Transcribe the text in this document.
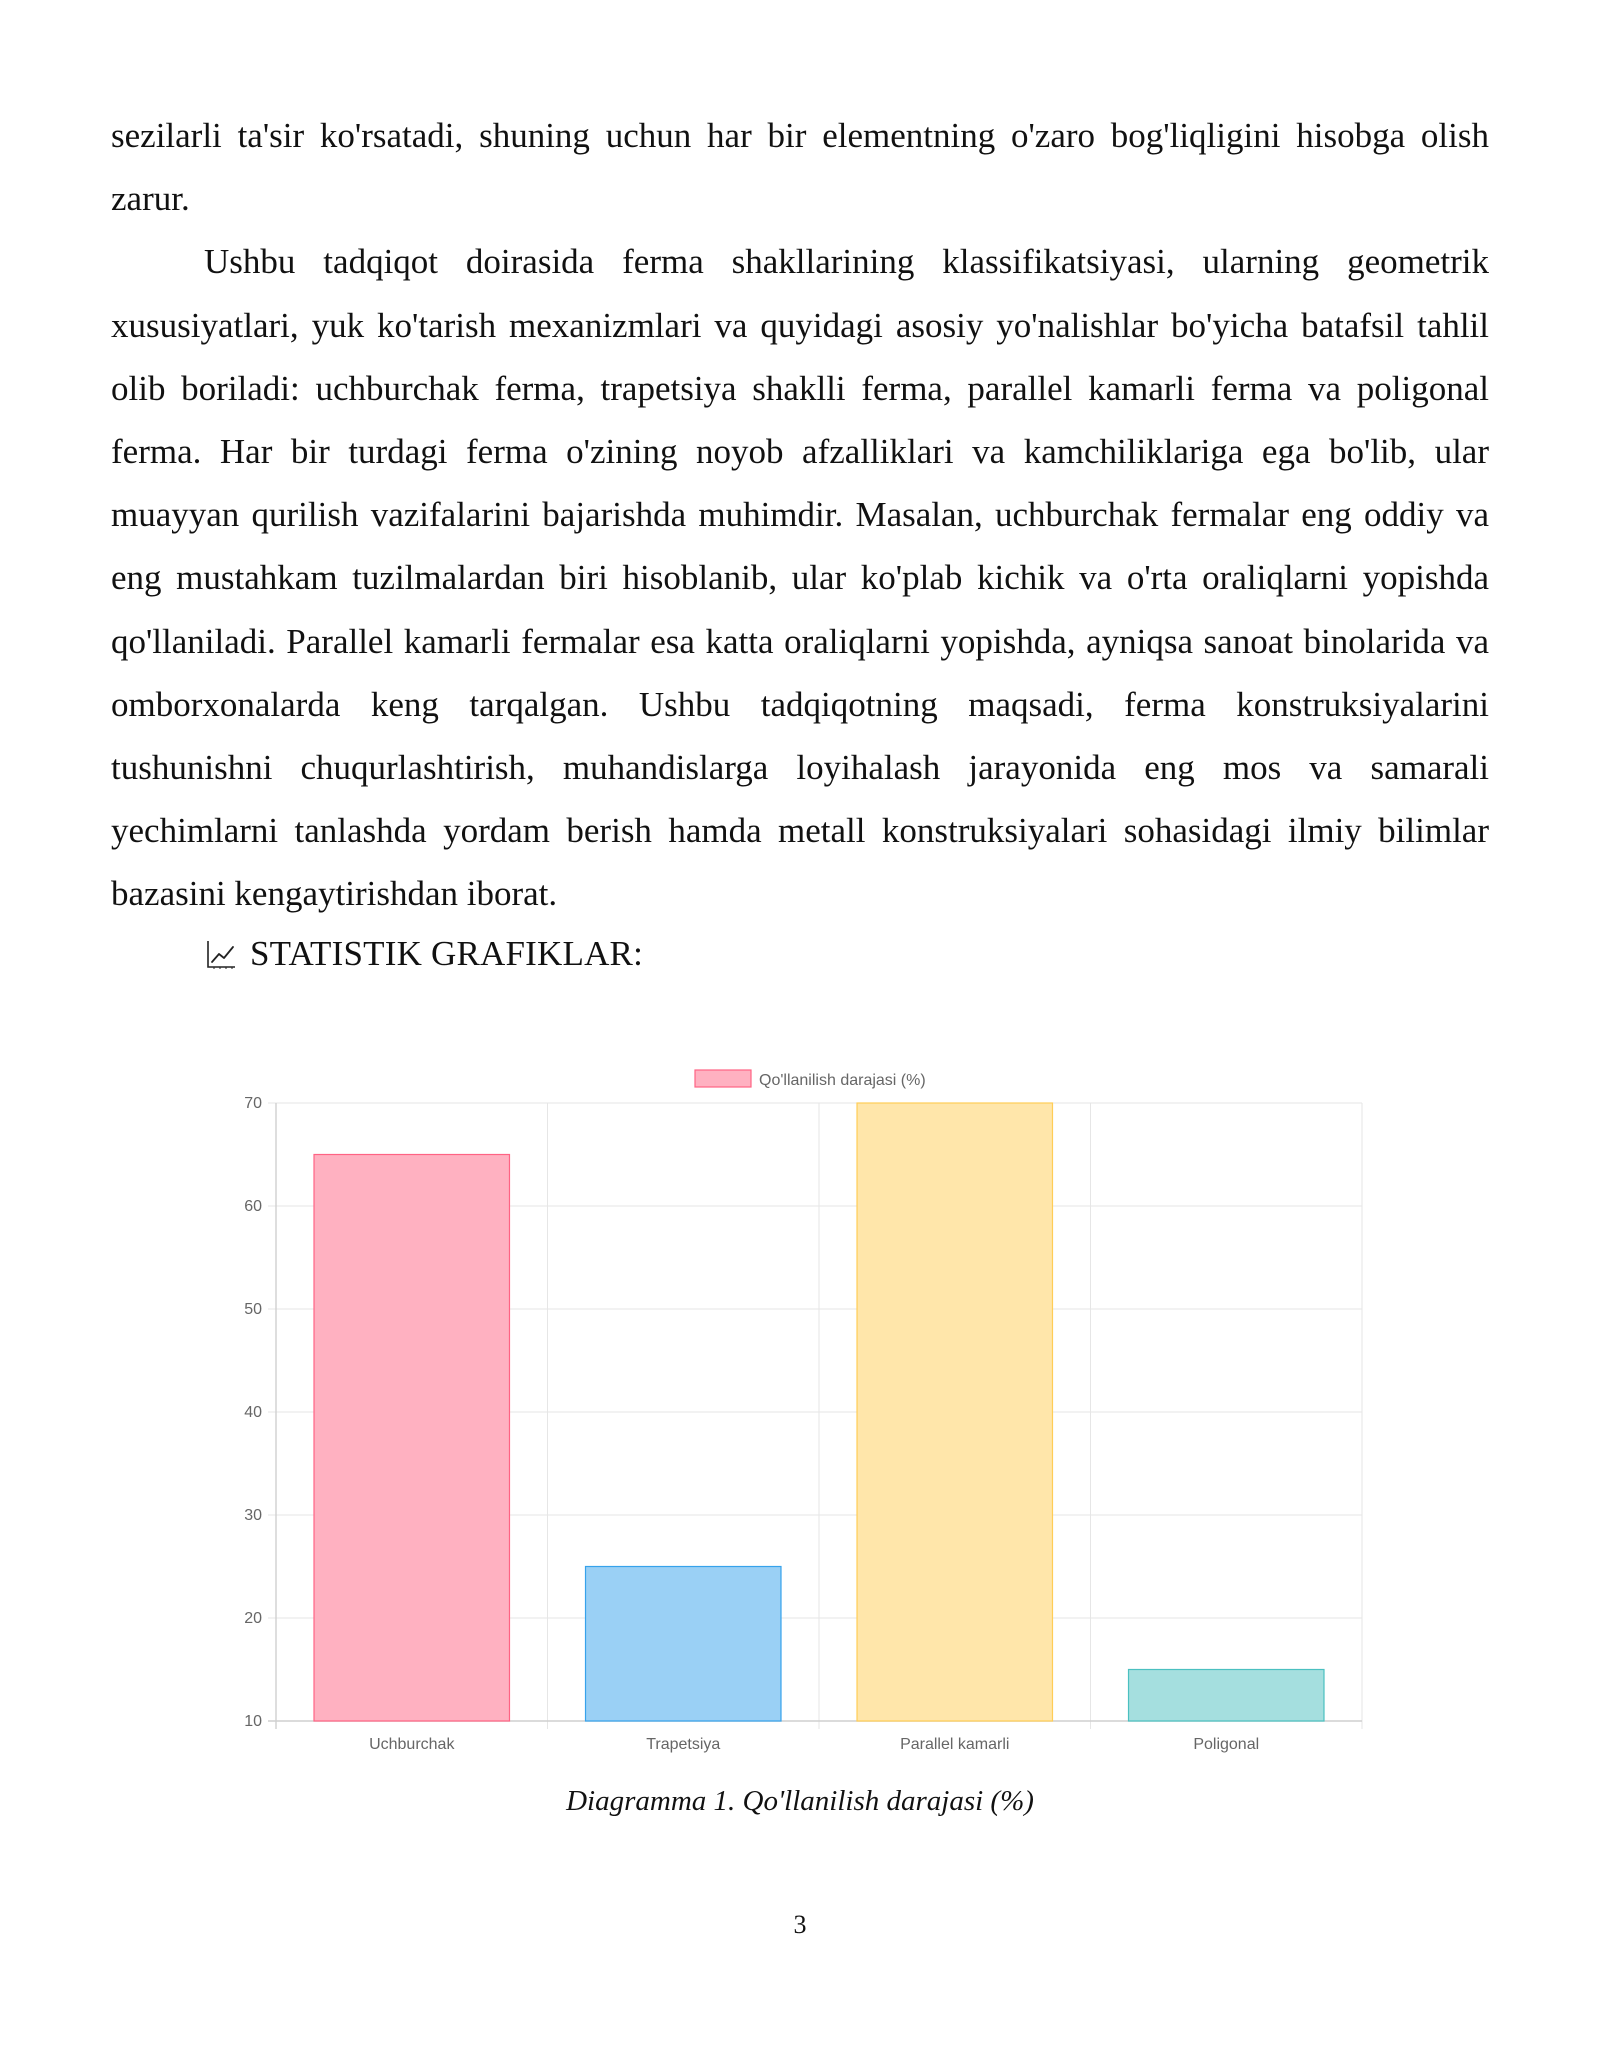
sezilarli ta'sir ko'rsatadi, shuning uchun har bir elementning o'zaro bog'liqligini hisobga olish zarur.

Ushbu tadqiqot doirasida ferma shakllarining klassifikatsiyasi, ularning geometrik xususiyatlari, yuk ko'tarish mexanizmlari va quyidagi asosiy yo'nalishlar bo'yicha batafsil tahlil olib boriladi: uchburchak ferma, trapetsiya shaklli ferma, parallel kamarli ferma va poligonal ferma. Har bir turdagi ferma o'zining noyob afzalliklari va kamchiliklariga ega bo'lib, ular muayyan qurilish vazifalarini bajarishda muhimdir. Masalan, uchburchak fermalar eng oddiy va eng mustahkam tuzilmalardan biri hisoblanib, ular ko'plab kichik va o'rta oraliqlarni yopishda qo'llaniladi. Parallel kamarli fermalar esa katta oraliqlarni yopishda, ayniqsa sanoat binolarida va omborxonalarda keng tarqalgan. Ushbu tadqiqotning maqsadi, ferma konstruksiyalarini tushunishni chuqurlashtirish, muhandislarga loyihalash jarayonida eng mos va samarali yechimlarni tanlashda yordam berish hamda metall konstruksiyalari sohasidagi ilmiy bilimlar bazasini kengaytirishdan iborat.

STATISTIK GRAFIKLAR:
10
20
30
40
50
60
70
Uchburchak	Trapetsiya	Parallel kamarli	Poligonal
Qo'llanilish darajasi (%)
Diagramma 1. Qo'llanilish darajasi (%)
3
